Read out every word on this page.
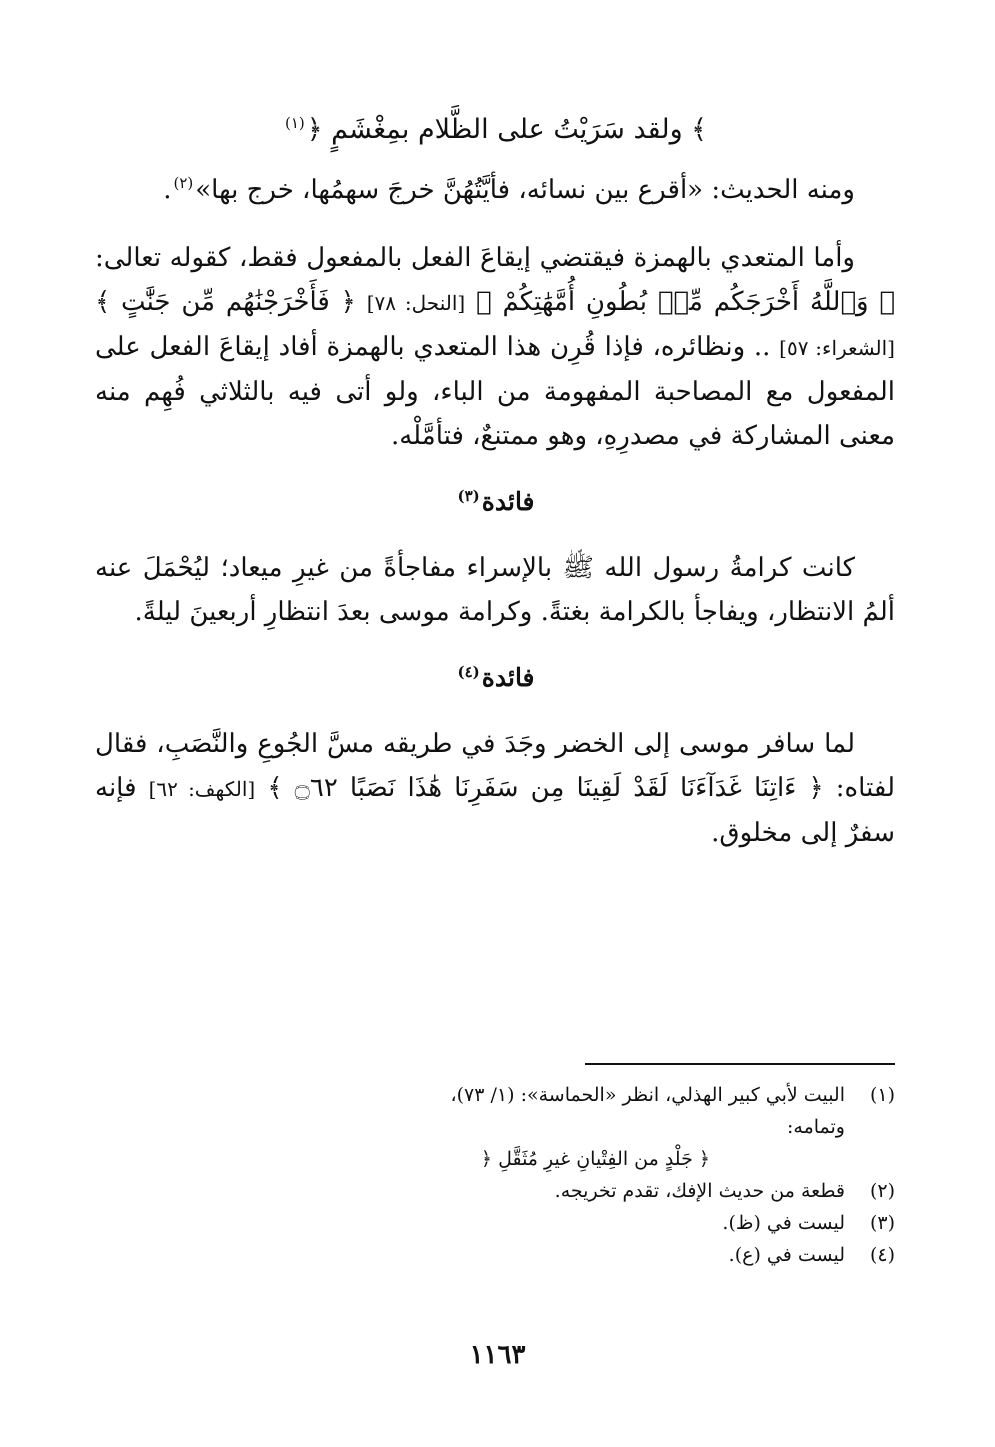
﴾ ولقد سَرَيْتُ على الظَّلام بمِغْشَمٍ ﴿$^{(١)}$

ومنه الحديث: «أقرع بين نسائه، فأيَّتُهُنَّ خرجَ سهمُها، خرج بها»$^{(٢)}$.

وأما المتعدي بالهمزة فيقتضي إيقاعَ الفعل بالمفعول فقط، كقوله تعالى: ﴿ وَٱللَّهُ أَخْرَجَكُم مِّنۢ بُطُونِ أُمَّهَٰتِكُمْ ﴾ [النحل: ٧٨] ﴿ فَأَخْرَجْنَٰهُم مِّن جَنَّٰتٍ ﴾ [الشعراء: ٥٧] .. ونظائره، فإذا قُرِن هذا المتعدي بالهمزة أفاد إيقاعَ الفعل على المفعول مع المصاحبة المفهومة من الباء، ولو أتى فيه بالثلاثي فُهِم منه معنى المشاركة في مصدرِهِ، وهو ممتنعٌ، فتأمَّلْه.

فائدة$^{(٣)}$

كانت كرامةُ رسول الله ﷺ بالإسراء مفاجأةً من غيرِ ميعاد؛ ليُحْمَلَ عنه ألمُ الانتظار، ويفاجأ بالكرامة بغتةً. وكرامة موسى بعدَ انتظارِ أربعينَ ليلةً.

فائدة$^{(٤)}$

لما سافر موسى إلى الخضر وجَدَ في طريقه مسَّ الجُوعِ والنَّصَبِ، فقال لفتاه: ﴿ ءَاتِنَا غَدَآءَنَا لَقَدْ لَقِينَا مِن سَفَرِنَا هَٰذَا نَصَبًا ۝٦٢ ﴾ [الكهف: ٦٢] فإنه سفرٌ إلى مخلوق.

(١)
البيت لأبي كبير الهذلي، انظر «الحماسة»: (١/ ٧٣)، وتمامه:

﴿ جَلْدٍ من الفِتْيانِ غيرِ مُثَقَّلِ ﴿

(٢)
قطعة من حديث الإفك، تقدم تخريجه.

(٣)
ليست في (ظ).

(٤)
ليست في (ع).

١١٦٣
